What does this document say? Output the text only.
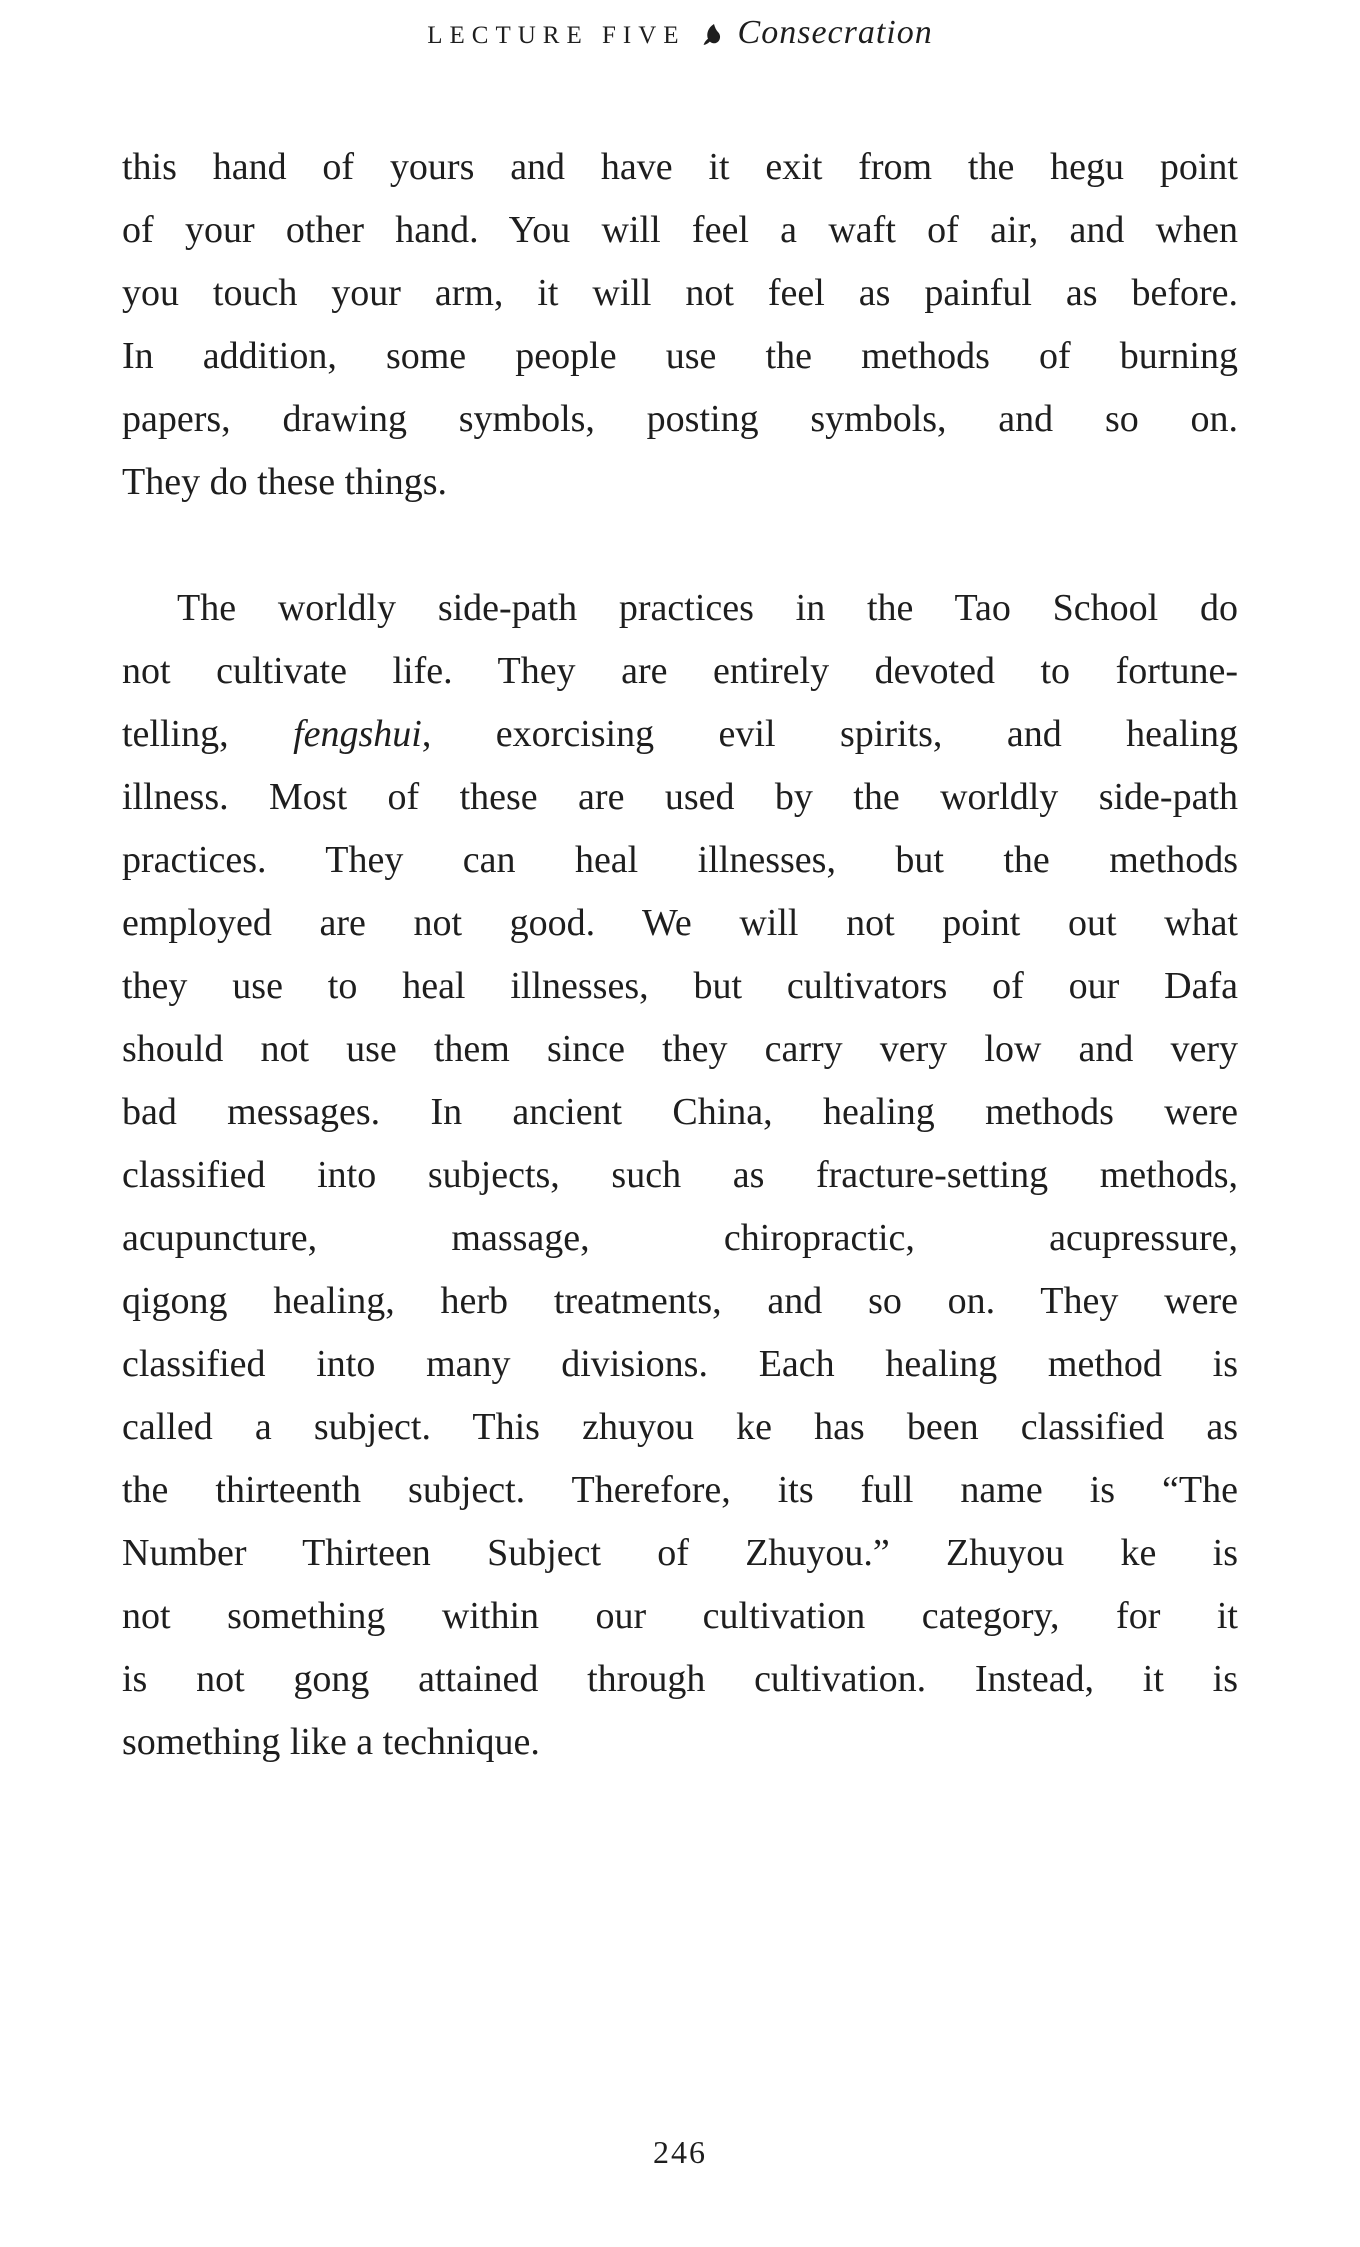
LECTURE FIVE Consecration
this hand of yours and have it exit from the hegu point
of your other hand. You will feel a waft of air, and when
you touch your arm, it will not feel as painful as before.
In addition, some people use the methods of burning
papers, drawing symbols, posting symbols, and so on.
They do these things.
The worldly side-path practices in the Tao School do
not cultivate life. They are entirely devoted to fortune-
telling, fengshui, exorcising evil spirits, and healing
illness. Most of these are used by the worldly side-path
practices. They can heal illnesses, but the methods
employed are not good. We will not point out what
they use to heal illnesses, but cultivators of our Dafa
should not use them since they carry very low and very
bad messages. In ancient China, healing methods were
classified into subjects, such as fracture-setting methods,
acupuncture, massage, chiropractic, acupressure,
qigong healing, herb treatments, and so on. They were
classified into many divisions. Each healing method is
called a subject. This zhuyou ke has been classified as
the thirteenth subject. Therefore, its full name is “The
Number Thirteen Subject of Zhuyou.” Zhuyou ke is
not something within our cultivation category, for it
is not gong attained through cultivation. Instead, it is
something like a technique.
246
